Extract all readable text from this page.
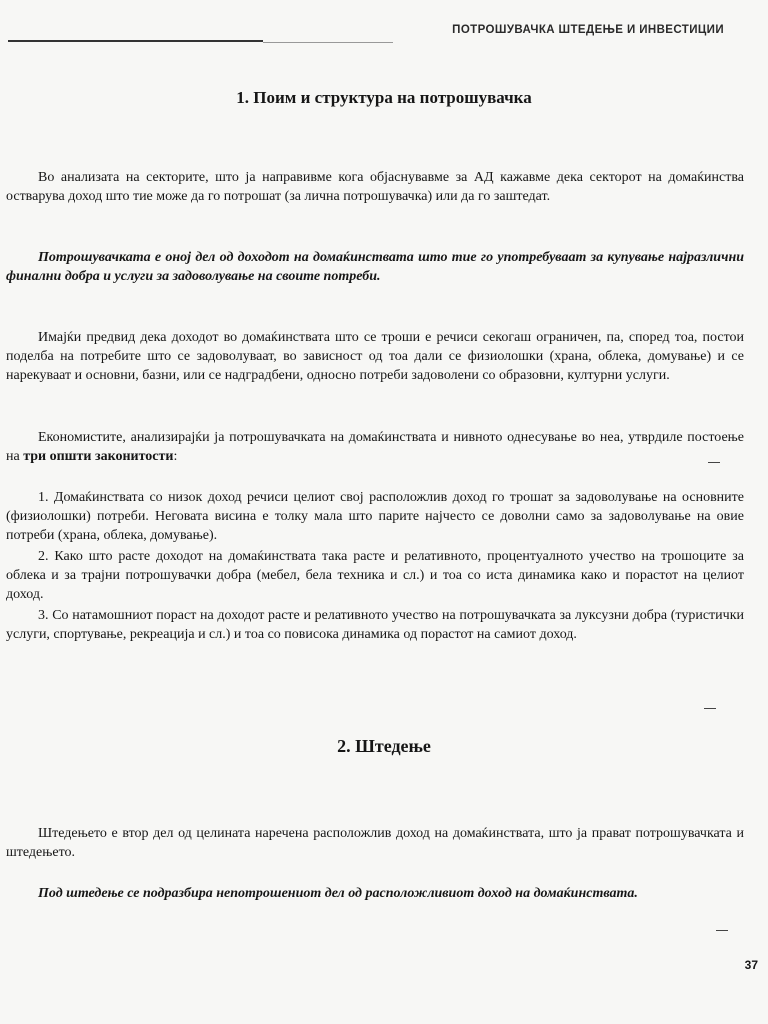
ПОТРОШУВАЧКА ШТЕДЕЊЕ И ИНВЕСТИЦИИ
1. Поим и структура на потрошувачка

Во анализата на секторите, што ја направивме кога објаснувавме за АД кажавме дека секторот на домаќинства остварува доход што тие може да го потрошат (за лична потрошувачка) или да го заштедат.

Потрошувачката е оној дел од доходот на домаќинствата што тие го употребуваат за купување најразлични финални добра и услуги за задоволување на своите потреби.

Имајќи предвид дека доходот во домаќинствата што се троши е речиси секогаш ограничен, па, според тоа, постои поделба на потребите што се задоволуваат, во зависност од тоа дали се физиолошки (храна, облека, домување) и се нарекуваат и основни, базни, или се надградбени, односно потреби задоволени со образовни, културни услуги.

Економистите, анализирајќи ја потрошувачката на домаќинствата и нивното однесување во неа, утврдиле постоење на три општи законитости:

1. Домаќинствата со низок доход речиси целиот свој расположлив доход го трошат за задоволување на основните (физиолошки) потреби. Неговата висина е толку мала што парите најчесто се доволни само за задоволување на овие потреби (храна, облека, домување).

2. Како што расте доходот на домаќинствата така расте и релативното, процентуалното учество на трошоците за облека и за трајни потрошувачки добра (мебел, бела техника и сл.) и тоа со иста динамика како и порастот на целиот доход.

3. Со натамошниот пораст на доходот расте и релативното учество на потрошувачката за луксузни добра (туристички услуги, спортување, рекреација и сл.) и тоа со повисока динамика од порастот на самиот доход.

2. Штедење

Штедењето е втор дел од целината наречена расположлив доход на домаќинствата, што ја прават потрошувачката и штедењето.

Под штедење се подразбира непотрошениот дел од расположливиот доход на домаќинствата.

37
